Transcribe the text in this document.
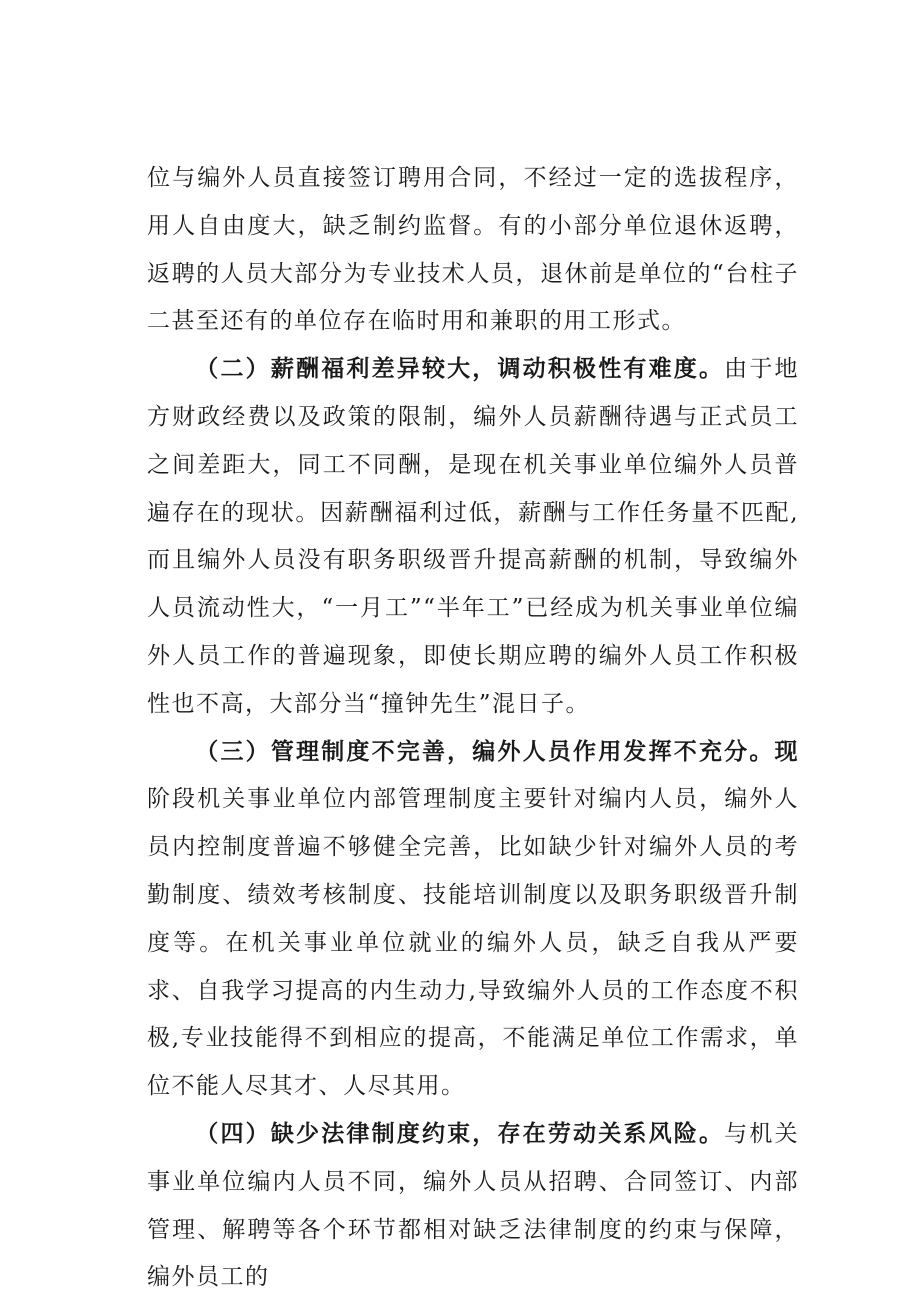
位与编外人员直接签订聘用合同，不经过一定的选拔程序，用人自由度大，缺乏制约监督。有的小部分单位退休返聘，返聘的人员大部分为专业技术人员，退休前是单位的“台柱子二甚至还有的单位存在临时用和兼职的用工形式。

（二）薪酬福利差异较大，调动积极性有难度。由于地方财政经费以及政策的限制，编外人员薪酬待遇与正式员工之间差距大，同工不同酬，是现在机关事业单位编外人员普遍存在的现状。因薪酬福利过低，薪酬与工作任务量不匹配,而且编外人员没有职务职级晋升提高薪酬的机制，导致编外人员流动性大，“一月工”“半年工”已经成为机关事业单位编外人员工作的普遍现象，即使长期应聘的编外人员工作积极性也不高，大部分当“撞钟先生”混日子。

（三）管理制度不完善，编外人员作用发挥不充分。现阶段机关事业单位内部管理制度主要针对编内人员，编外人员内控制度普遍不够健全完善，比如缺少针对编外人员的考勤制度、绩效考核制度、技能培训制度以及职务职级晋升制度等。在机关事业单位就业的编外人员，缺乏自我从严要求、自我学习提高的内生动力,导致编外人员的工作态度不积极,专业技能得不到相应的提高，不能满足单位工作需求，单位不能人尽其才、人尽其用。

（四）缺少法律制度约束，存在劳动关系风险。与机关事业单位编内人员不同，编外人员从招聘、合同签订、内部管理、解聘等各个环节都相对缺乏法律制度的约束与保障，编外员工的
